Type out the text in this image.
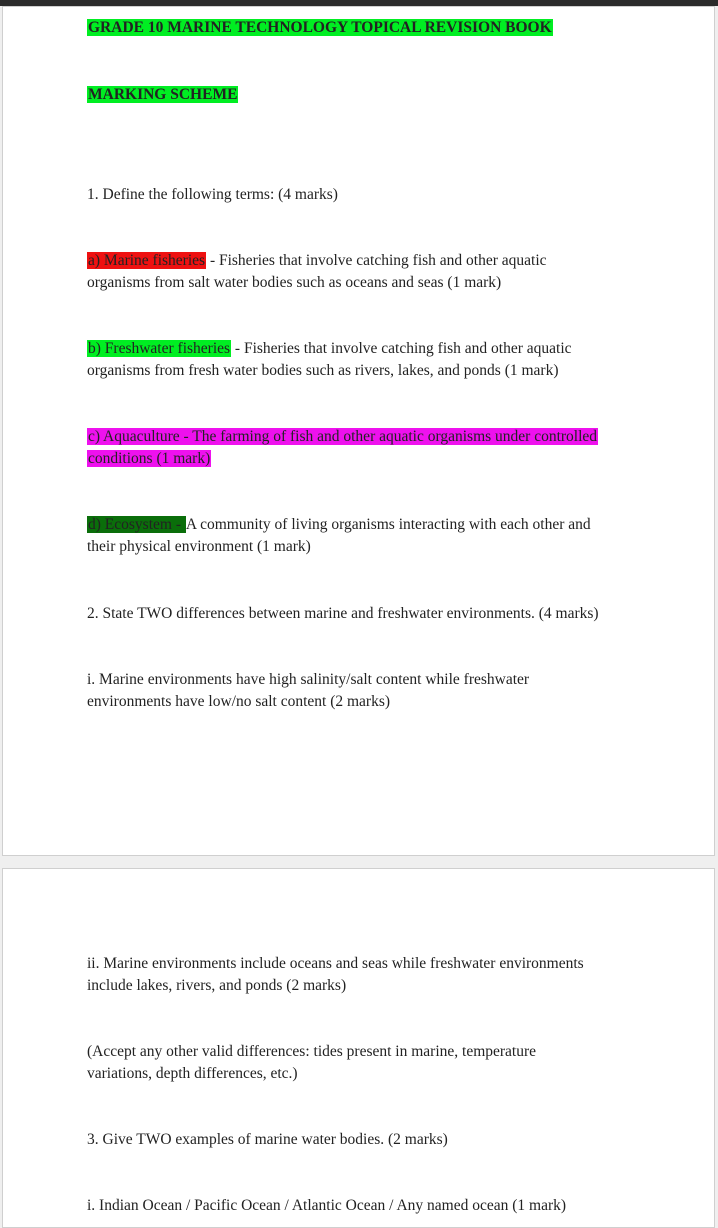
GRADE 10 MARINE TECHNOLOGY TOPICAL REVISION BOOK

MARKING SCHEME

1. Define the following terms: (4 marks)

a) Marine fisheries - Fisheries that involve catching fish and other aquatic
organisms from salt water bodies such as oceans and seas (1 mark)

b) Freshwater fisheries - Fisheries that involve catching fish and other aquatic
organisms from fresh water bodies such as rivers, lakes, and ponds (1 mark)

c) Aquaculture - The farming of fish and other aquatic organisms under controlled
conditions (1 mark)

d) Ecosystem - A community of living organisms interacting with each other and
their physical environment (1 mark)

2. State TWO differences between marine and freshwater environments. (4 marks)

i. Marine environments have high salinity/salt content while freshwater
environments have low/no salt content (2 marks)

ii. Marine environments include oceans and seas while freshwater environments
include lakes, rivers, and ponds (2 marks)

(Accept any other valid differences: tides present in marine, temperature
variations, depth differences, etc.)

3. Give TWO examples of marine water bodies. (2 marks)

i. Indian Ocean / Pacific Ocean / Atlantic Ocean / Any named ocean (1 mark)
